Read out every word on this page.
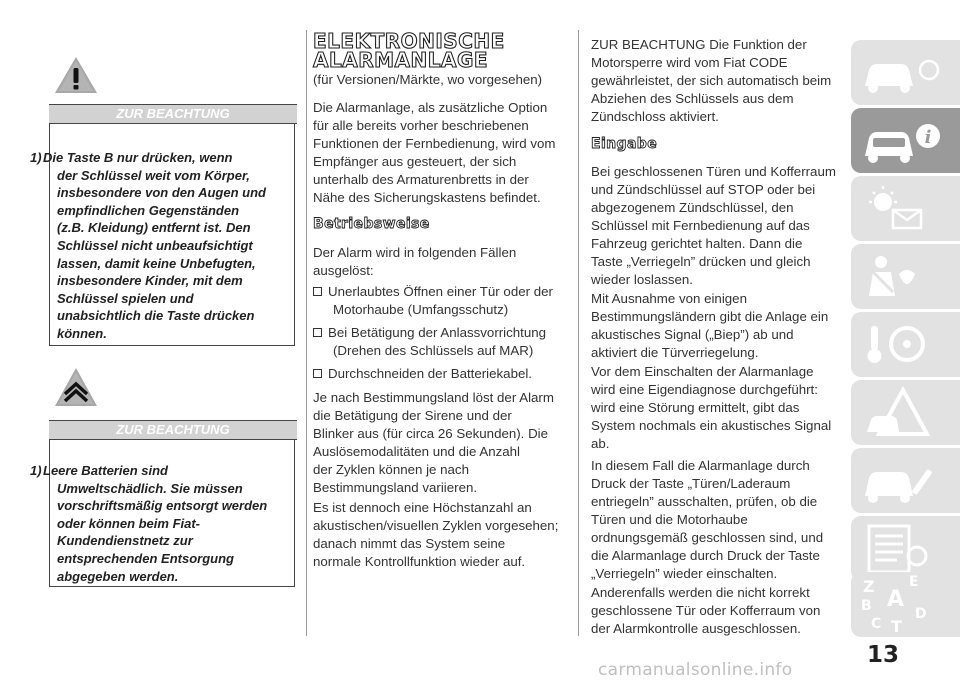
ZUR BEACHTUNG
1) Die Taste B nur drücken, wenn
der Schlüssel weit vom Körper,
insbesondere von den Augen und
empfindlichen Gegenständen
(z.B. Kleidung) entfernt ist. Den
Schlüssel nicht unbeaufsichtigt
lassen, damit keine Unbefugten,
insbesondere Kinder, mit dem
Schlüssel spielen und
unabsichtlich die Taste drücken
können.
ZUR BEACHTUNG
1) Leere Batterien sind
Umweltschädlich. Sie müssen
vorschriftsmäßig entsorgt werden
oder können beim Fiat-
Kundendienstnetz zur
entsprechenden Entsorgung
abgegeben werden.
ELEKTRONISCHE
ALARMANLAGE

(für Versionen/Märkte, wo vorgesehen)

Die Alarmanlage, als zusätzliche Option
für alle bereits vorher beschriebenen
Funktionen der Fernbedienung, wird vom
Empfänger aus gesteuert, der sich
unterhalb des Armaturenbretts in der
Nähe des Sicherungskastens befindet.

Betriebsweise

Der Alarm wird in folgenden Fällen
ausgelöst:

Unerlaubtes Öffnen einer Tür oder der
Motorhaube (Umfangsschutz)
Bei Betätigung der Anlassvorrichtung
(Drehen des Schlüssels auf MAR)
Durchschneiden der Batteriekabel.

Je nach Bestimmungsland löst der Alarm
die Betätigung der Sirene und der
Blinker aus (für circa 26 Sekunden). Die
Auslösemodalitäten und die Anzahl
der Zyklen können je nach
Bestimmungsland variieren.

Es ist dennoch eine Höchstanzahl an
akustischen/visuellen Zyklen vorgesehen;
danach nimmt das System seine
normale Kontrollfunktion wieder auf.

ZUR BEACHTUNG Die Funktion der
Motorsperre wird vom Fiat CODE
gewährleistet, der sich automatisch beim
Abziehen des Schlüssels aus dem
Zündschloss aktiviert.

Eingabe

Bei geschlossenen Türen und Kofferraum
und Zündschlüssel auf STOP oder bei
abgezogenem Zündschlüssel, den
Schlüssel mit Fernbedienung auf das
Fahrzeug gerichtet halten. Dann die
Taste „Verriegeln” drücken und gleich
wieder loslassen.

Mit Ausnahme von einigen
Bestimmungsländern gibt die Anlage ein
akustisches Signal („Biep”) ab und
aktiviert die Türverriegelung.

Vor dem Einschalten der Alarmanlage
wird eine Eigendiagnose durchgeführt:
wird eine Störung ermittelt, gibt das
System nochmals ein akustisches Signal
ab.

In diesem Fall die Alarmanlage durch
Druck der Taste „Türen/Laderaum
entriegeln” ausschalten, prüfen, ob die
Türen und die Motorhaube
ordnungsgemäß geschlossen sind, und
die Alarmanlage durch Druck der Taste
„Verriegeln” wieder einschalten.

Anderenfalls werden die nicht korrekt
geschlossene Tür oder Kofferraum von
der Alarmkontrolle ausgeschlossen.

i
Z E
B A
C T
D
13
carmanualsonline.info
